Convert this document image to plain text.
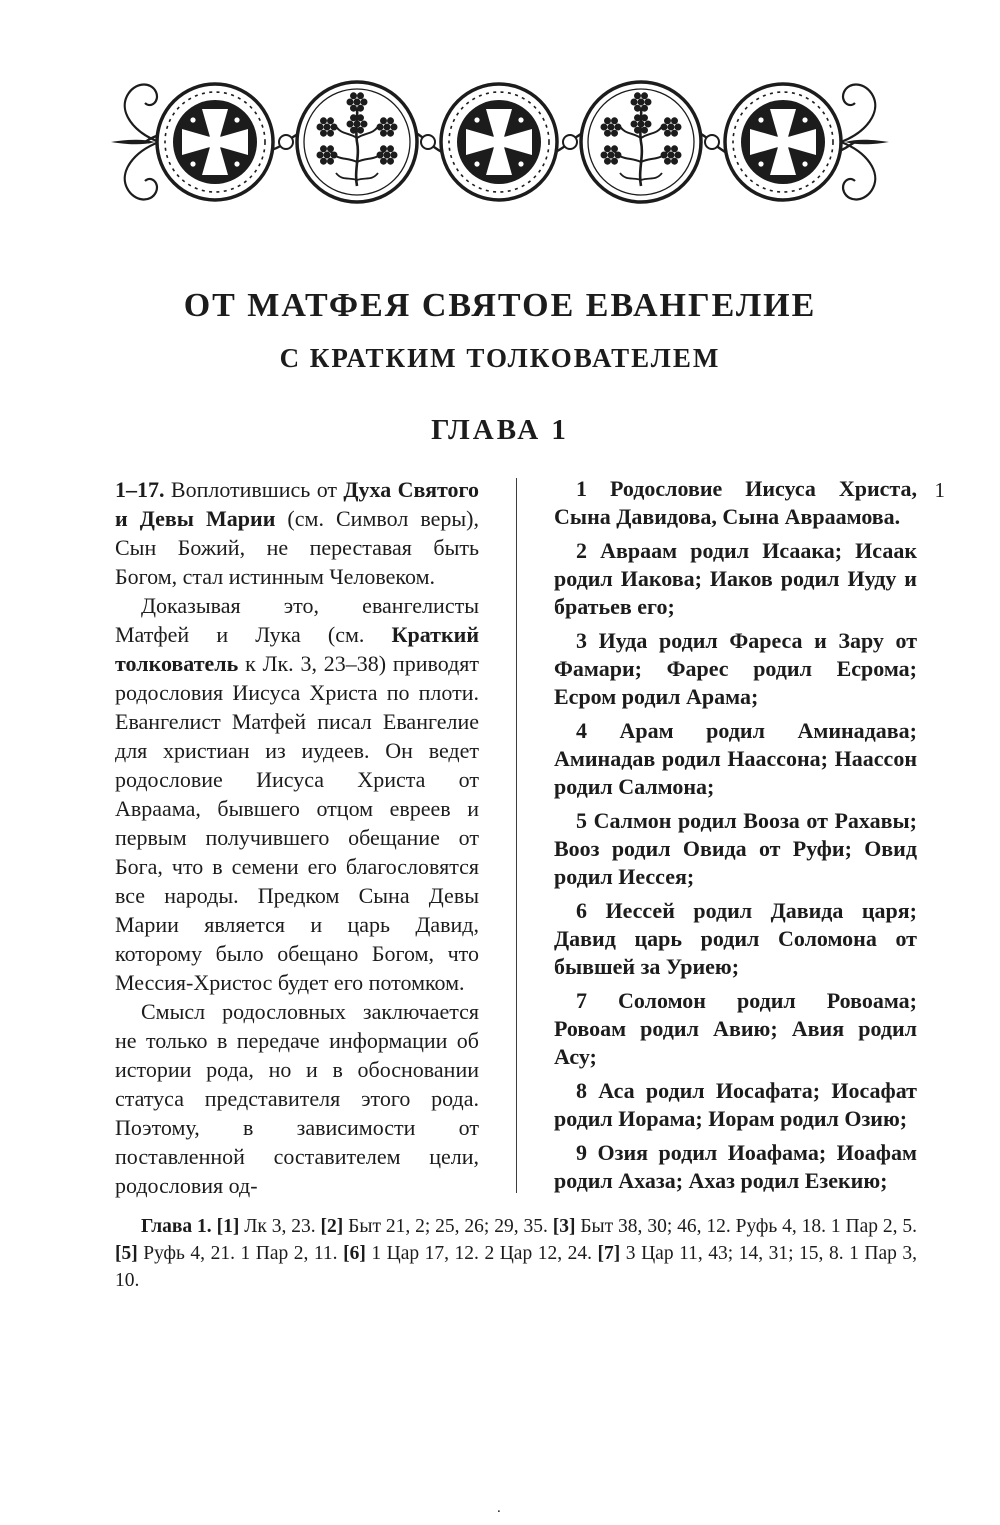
ОТ МАТФЕЯ СВЯТОЕ ЕВАНГЕЛИЕ
С КРАТКИМ ТОЛКОВАТЕЛЕМ
ГЛАВА 1

1–17. Воплотившись от Духа Святого и Девы Марии (см. Символ веры), Сын Божий, не переставая быть Богом, стал истинным Человеком.

Доказывая это, евангелисты Матфей и Лука (см. Краткий толкователь к Лк. 3, 23–38) приводят родословия Иисуса Христа по плоти. Евангелист Матфей писал Евангелие для христиан из иудеев. Он ведет родословие Иисуса Христа от Авраама, бывшего отцом евреев и первым получившего обещание от Бога, что в семени его благословятся все народы. Предком Сына Девы Марии является и царь Давид, которому было обещано Богом, что Мессия-Христос будет его потомком.

Смысл родословных заключается не только в передаче информации об истории рода, но и в обосновании статуса представителя этого рода. Поэтому, в зависимости от поставленной составителем цели, родословия од-

1 Родословие Иисуса Христа, Сына Давидова, Сына Авраамова.
1

2 Авраам родил Исаака; Исаак родил Иакова; Иаков родил Иуду и братьев его;

3 Иуда родил Фареса и Зару от Фамари; Фарес родил Есрома; Есром родил Арама;

4 Арам родил Аминадава; Аминадав родил Наассона; Наассон родил Салмона;

5 Салмон родил Вооза от Рахавы; Вооз родил Овида от Руфи; Овид родил Иессея;

6 Иессей родил Давида царя; Давид царь родил Соломона от бывшей за Уриею;

7 Соломон родил Ровоама; Ровоам родил Авию; Авия родил Асу;

8 Аса родил Иосафата; Иосафат родил Иорама; Иорам родил Озию;

9 Озия родил Иоафама; Иоафам родил Ахаза; Ахаз родил Езекию;

Глава 1. [1] Лк 3, 23. [2] Быт 21, 2; 25, 26; 29, 35. [3] Быт 38, 30; 46, 12. Руфь 4, 18. 1 Пар 2, 5. [5] Руфь 4, 21. 1 Пар 2, 11. [6] 1 Цар 17, 12. 2 Цар 12, 24. [7] 3 Цар 11, 43; 14, 31; 15, 8. 1 Пар 3, 10.

.
